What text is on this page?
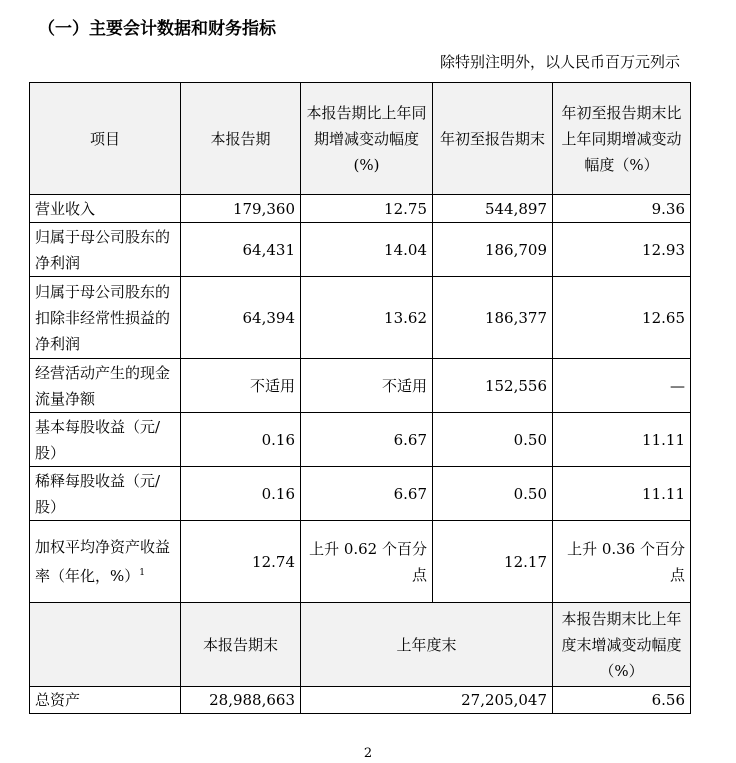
（一）主要会计数据和财务指标
除特别注明外，以人民币百万元列示
项目	本报告期	本报告期比上年同期增减变动幅度(%)	年初至报告期末	年初至报告期末比上年同期增减变动幅度（%）
营业收入	179,360	12.75	544,897	9.36
归属于母公司股东的净利润	64,431	14.04	186,709	12.93
归属于母公司股东的扣除非经常性损益的净利润	64,394	13.62	186,377	12.65
经营活动产生的现金流量净额	不适用	不适用	152,556	—
基本每股收益（元/股）	0.16	6.67	0.50	11.11
稀释每股收益（元/股）	0.16	6.67	0.50	11.11
加权平均净资产收益率（年化，%）$^1$	12.74	上升 0.62 个百分点	12.17	上升 0.36 个百分点
	本报告期末	上年度末		本报告期末比上年度末增减变动幅度（%）
总资产	28,988,663	27,205,047		6.56
2
